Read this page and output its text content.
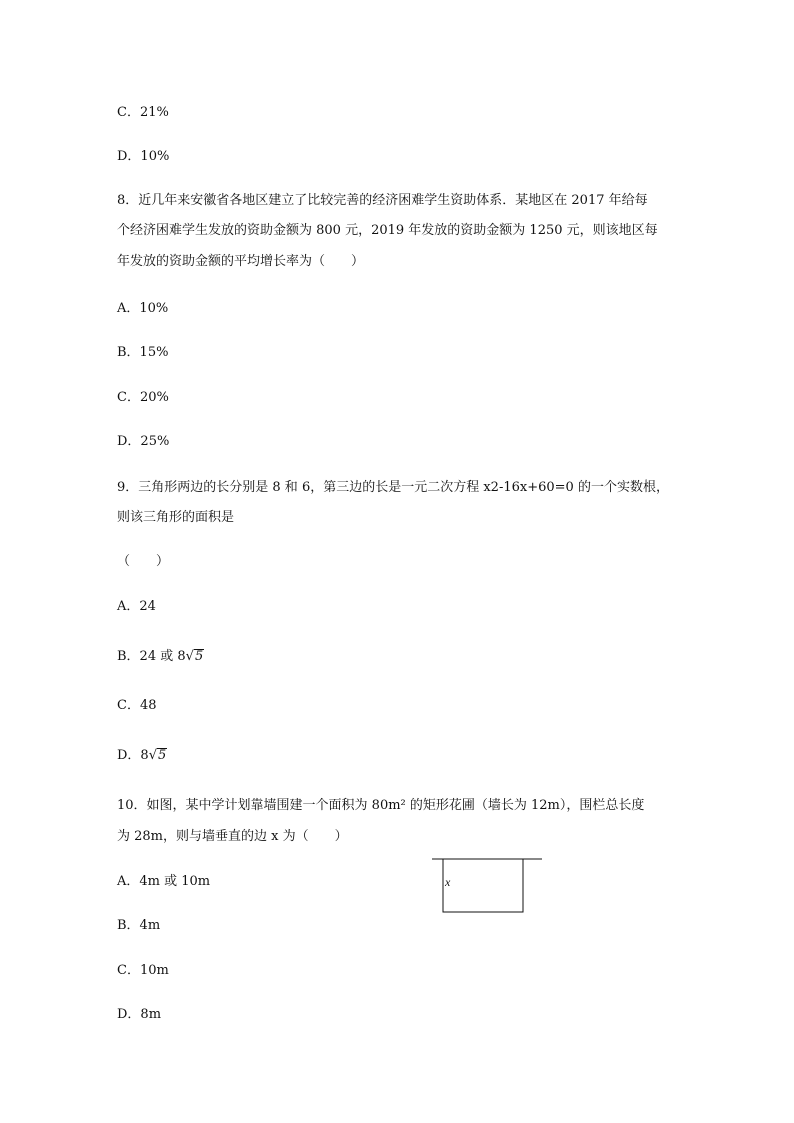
C．21%
D．10%
8．近几年来安徽省各地区建立了比较完善的经济困难学生资助体系．某地区在 2017 年给每
个经济困难学生发放的资助金额为 800 元，2019 年发放的资助金额为 1250 元，则该地区每
年发放的资助金额的平均增长率为（　　）
A．10%
B．15%
C．20%
D．25%
9．三角形两边的长分别是 8 和 6，第三边的长是一元二次方程 x2-16x+60=0 的一个实数根，
则该三角形的面积是
（　　）
A．24
B．24 或 8√5
C．48
D．8√5
10．如图，某中学计划靠墙围建一个面积为 80m² 的矩形花圃（墙长为 12m），围栏总长度
为 28m，则与墙垂直的边 x 为（　　）
A．4m 或 10m
B．4m
C．10m
D．8m
x
